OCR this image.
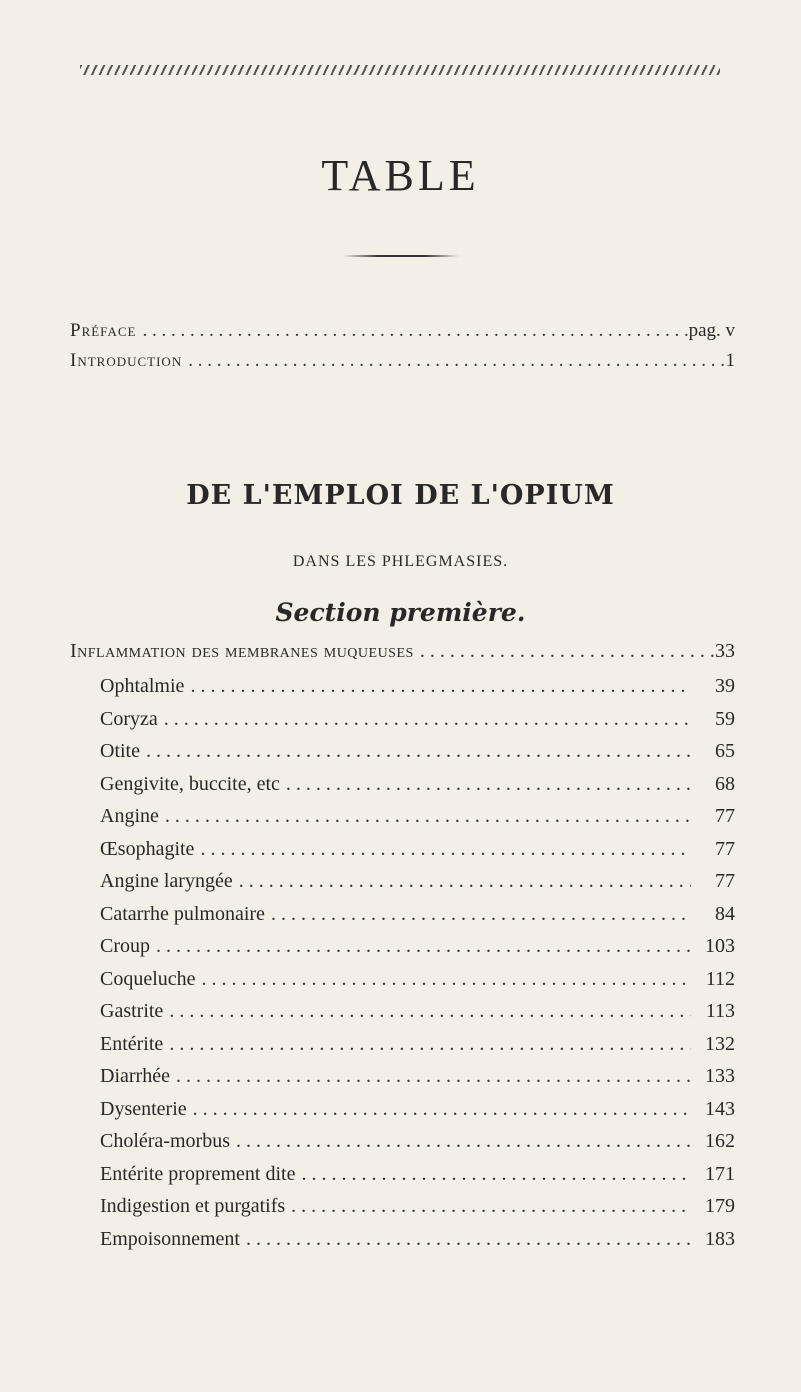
TABLE
Préface . . .	pag. v
Introduction . . .	1
DE L'EMPLOI DE L'OPIUM
DANS LES PHLEGMASIES.
Section première.
Inflammation des membranes muqueuses . . .	33
Ophtalmie . . .	39
Coryza . . .	59
Otite . . .	65
Gengivite, buccite, etc . . .	68
Angine . . .	77
Œsophagite . . .	77
Angine laryngée . . .	77
Catarrhe pulmonaire . . .	84
Croup . . .	103
Coqueluche . . .	112
Gastrite . . .	113
Entérite . . .	132
Diarrhée . . .	133
Dysenterie . . .	143
Choléra-morbus . . .	162
Entérite proprement dite . . .	171
Indigestion et purgatifs . . .	179
Empoisonnement . . .	183
